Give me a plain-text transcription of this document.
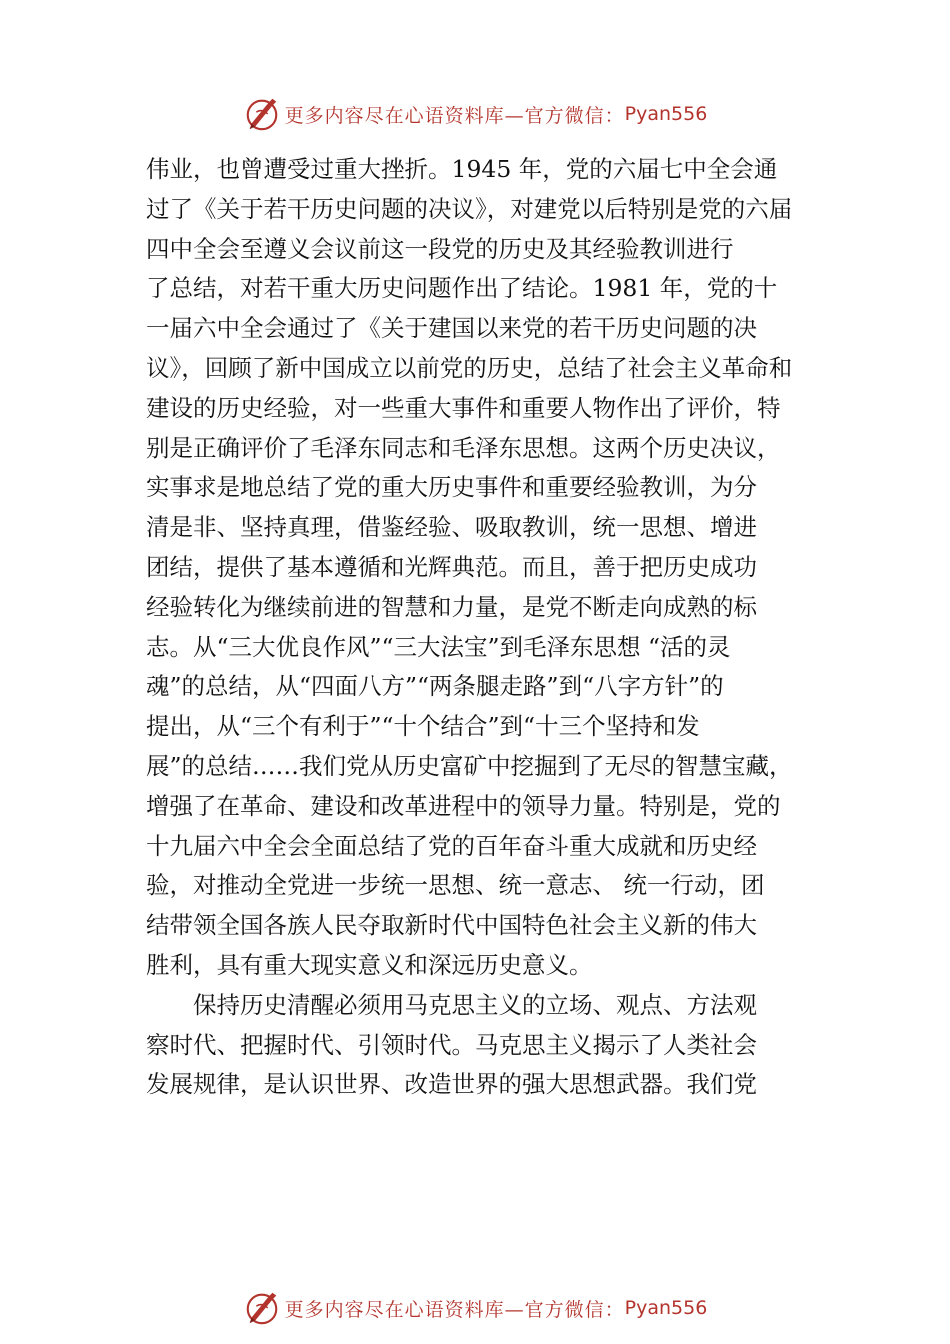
更多内容尽在心语资料库—官方微信： Pyan556
伟业，也曾遭受过重大挫折。1945 年，党的六届七中全会通
过了《关于若干历史问题的决议》，对建党以后特别是党的六届
四中全会至遵义会议前这一段党的历史及其经验教训进行
了总结，对若干重大历史问题作出了结论。1981 年，党的十
一届六中全会通过了《关于建国以来党的若干历史问题的决
议》，回顾了新中国成立以前党的历史，总结了社会主义革命和
建设的历史经验，对一些重大事件和重要人物作出了评价，特
别是正确评价了毛泽东同志和毛泽东思想。这两个历史决议，
实事求是地总结了党的重大历史事件和重要经验教训，为分
清是非、坚持真理，借鉴经验、吸取教训，统一思想、增进
团结，提供了基本遵循和光辉典范。而且，善于把历史成功
经验转化为继续前进的智慧和力量，是党不断走向成熟的标
志。从“三大优良作风”“三大法宝”到毛泽东思想 “活的灵
魂”的总结，从“四面八方”“两条腿走路”到“八字方针”的
提出，从“三个有利于”“十个结合”到“十三个坚持和发
展”的总结……我们党从历史富矿中挖掘到了无尽的智慧宝藏，
增强了在革命、建设和改革进程中的领导力量。特别是，党的
十九届六中全会全面总结了党的百年奋斗重大成就和历史经
验，对推动全党进一步统一思想、统一意志、 统一行动，团
结带领全国各族人民夺取新时代中国特色社会主义新的伟大
胜利，具有重大现实意义和深远历史意义。
保持历史清醒必须用马克思主义的立场、观点、方法观
察时代、把握时代、引领时代。马克思主义揭示了人类社会
发展规律，是认识世界、改造世界的强大思想武器。我们党
更多内容尽在心语资料库—官方微信： Pyan556
